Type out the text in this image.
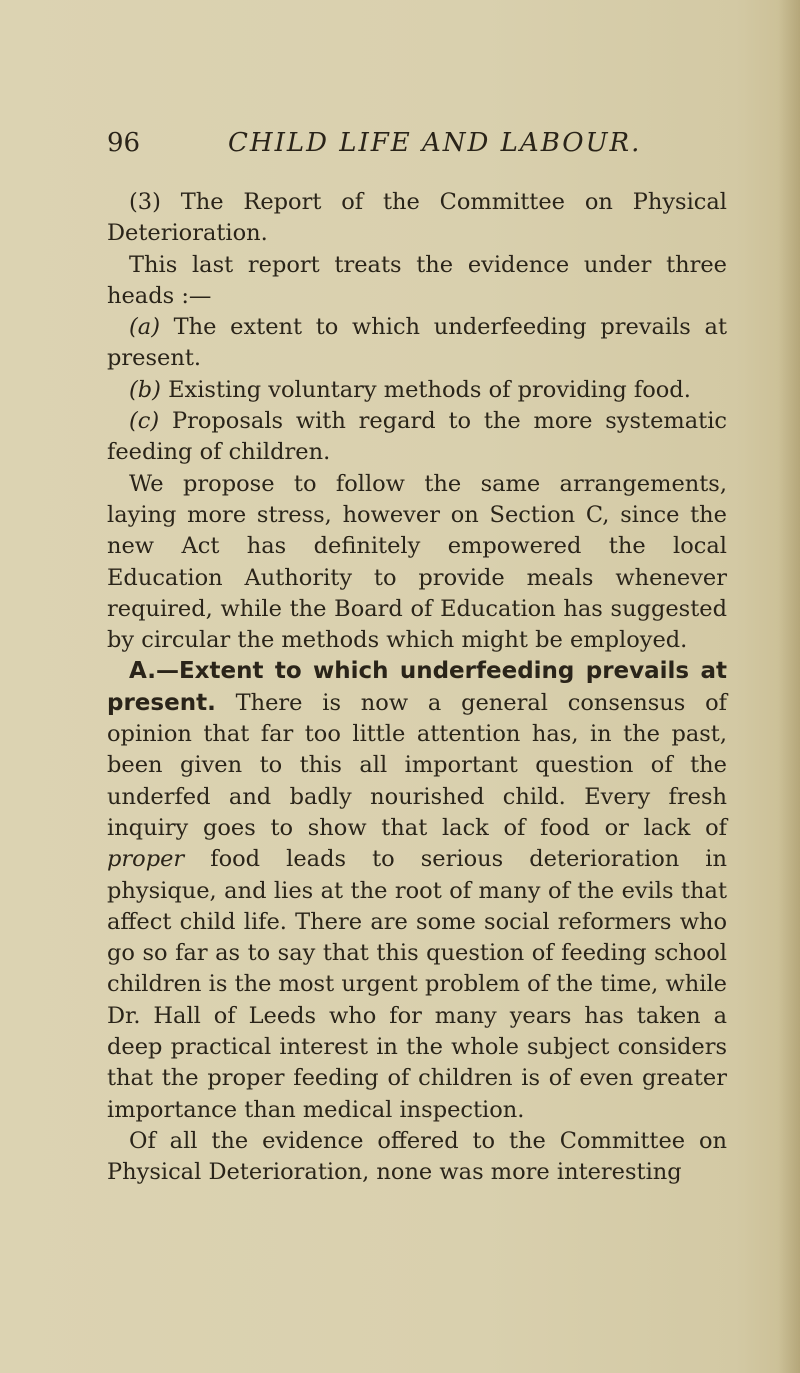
96	CHILD LIFE AND LABOUR.

(3) The Report of the Committee on Physical Deterioration.

This last report treats the evidence under three heads :—

(a) The extent to which underfeeding prevails at present.

(b) Existing voluntary methods of providing food.

(c) Proposals with regard to the more systematic feeding of children.

We propose to follow the same arrangements, laying more stress, however on Section C, since the new Act has definitely empowered the local Education Authority to provide meals whenever required, while the Board of Education has suggested by circular the methods which might be employed.

A.—Extent to which underfeeding prevails at present. There is now a general consensus of opinion that far too little attention has, in the past, been given to this all important question of the underfed and badly nourished child. Every fresh inquiry goes to show that lack of food or lack of proper food leads to serious deterioration in physique, and lies at the root of many of the evils that affect child life. There are some social reformers who go so far as to say that this question of feeding school children is the most urgent problem of the time, while Dr. Hall of Leeds who for many years has taken a deep practical interest in the whole subject considers that the proper feeding of children is of even greater importance than medical inspection.

Of all the evidence offered to the Committee on Physical Deterioration, none was more interesting
